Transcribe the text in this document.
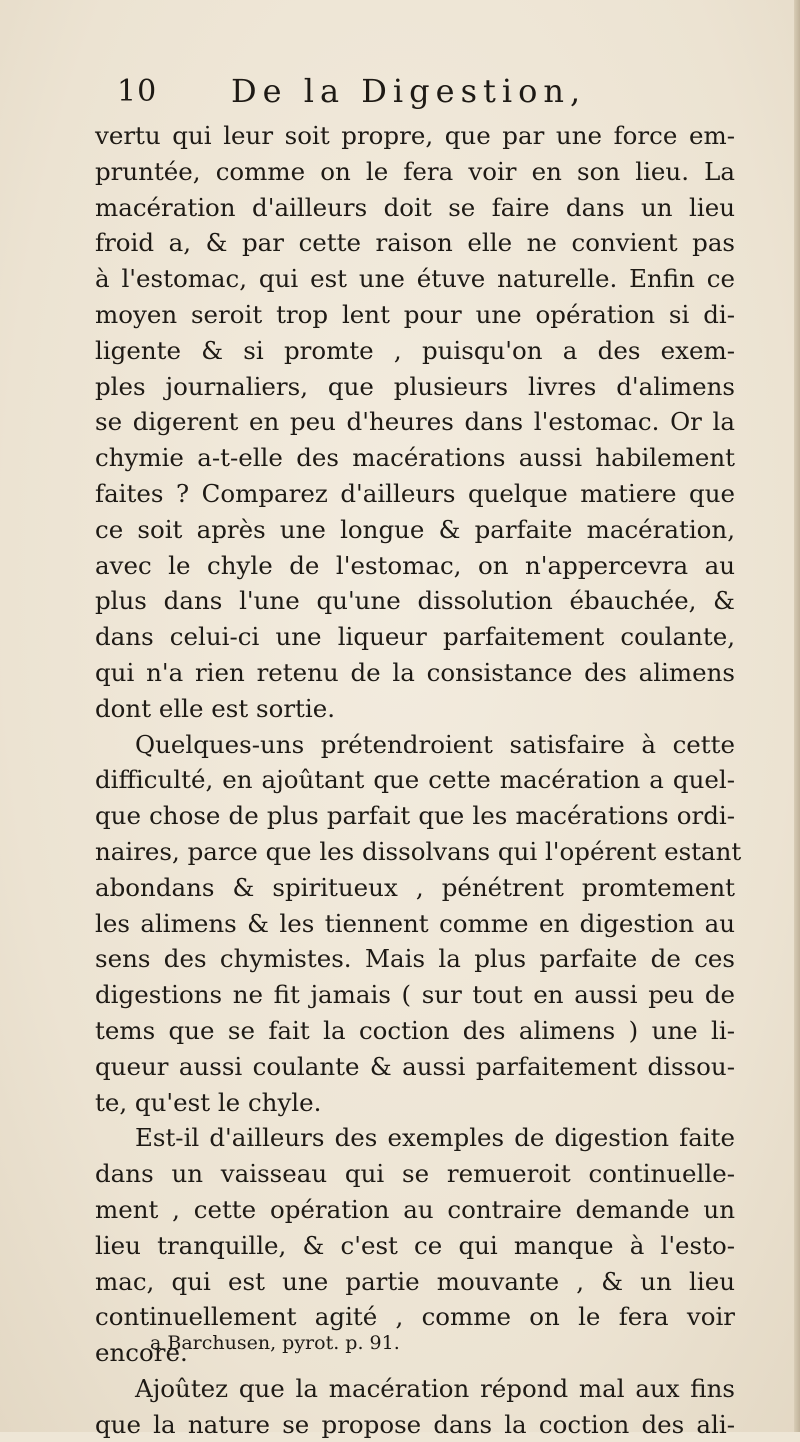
10 De la Digestion,
vertu qui leur soit propre, que par une force em-
pruntée, comme on le fera voir en son lieu. La
macération d'ailleurs doit se faire dans un lieu
froid a, & par cette raison elle ne convient pas
à l'estomac, qui est une étuve naturelle. Enfin ce
moyen seroit trop lent pour une opération si di-
ligente & si promte , puisqu'on a des exem-
ples journaliers, que plusieurs livres d'alimens
se digerent en peu d'heures dans l'estomac. Or la
chymie a-t-elle des macérations aussi habilement
faites ? Comparez d'ailleurs quelque matiere que
ce soit après une longue & parfaite macération,
avec le chyle de l'estomac, on n'appercevra au
plus dans l'une qu'une dissolution ébauchée, &
dans celui-ci une liqueur parfaitement coulante,
qui n'a rien retenu de la consistance des alimens
dont elle est sortie.
Quelques-uns prétendroient satisfaire à cette
difficulté, en ajoûtant que cette macération a quel-
que chose de plus parfait que les macérations ordi-
naires, parce que les dissolvans qui l'opérent estant
abondans & spiritueux , pénétrent promtement
les alimens & les tiennent comme en digestion au
sens des chymistes. Mais la plus parfaite de ces
digestions ne fit jamais ( sur tout en aussi peu de
tems que se fait la coction des alimens ) une li-
queur aussi coulante & aussi parfaitement dissou-
te, qu'est le chyle.
Est-il d'ailleurs des exemples de digestion faite
dans un vaisseau qui se remueroit continuelle-
ment , cette opération au contraire demande un
lieu tranquille, & c'est ce qui manque à l'esto-
mac, qui est une partie mouvante , & un lieu
continuellement agité , comme on le fera voir
encore.
Ajoûtez que la macération répond mal aux fins
que la nature se propose dans la coction des ali-
a Barchusen, pyrot. p. 91.
